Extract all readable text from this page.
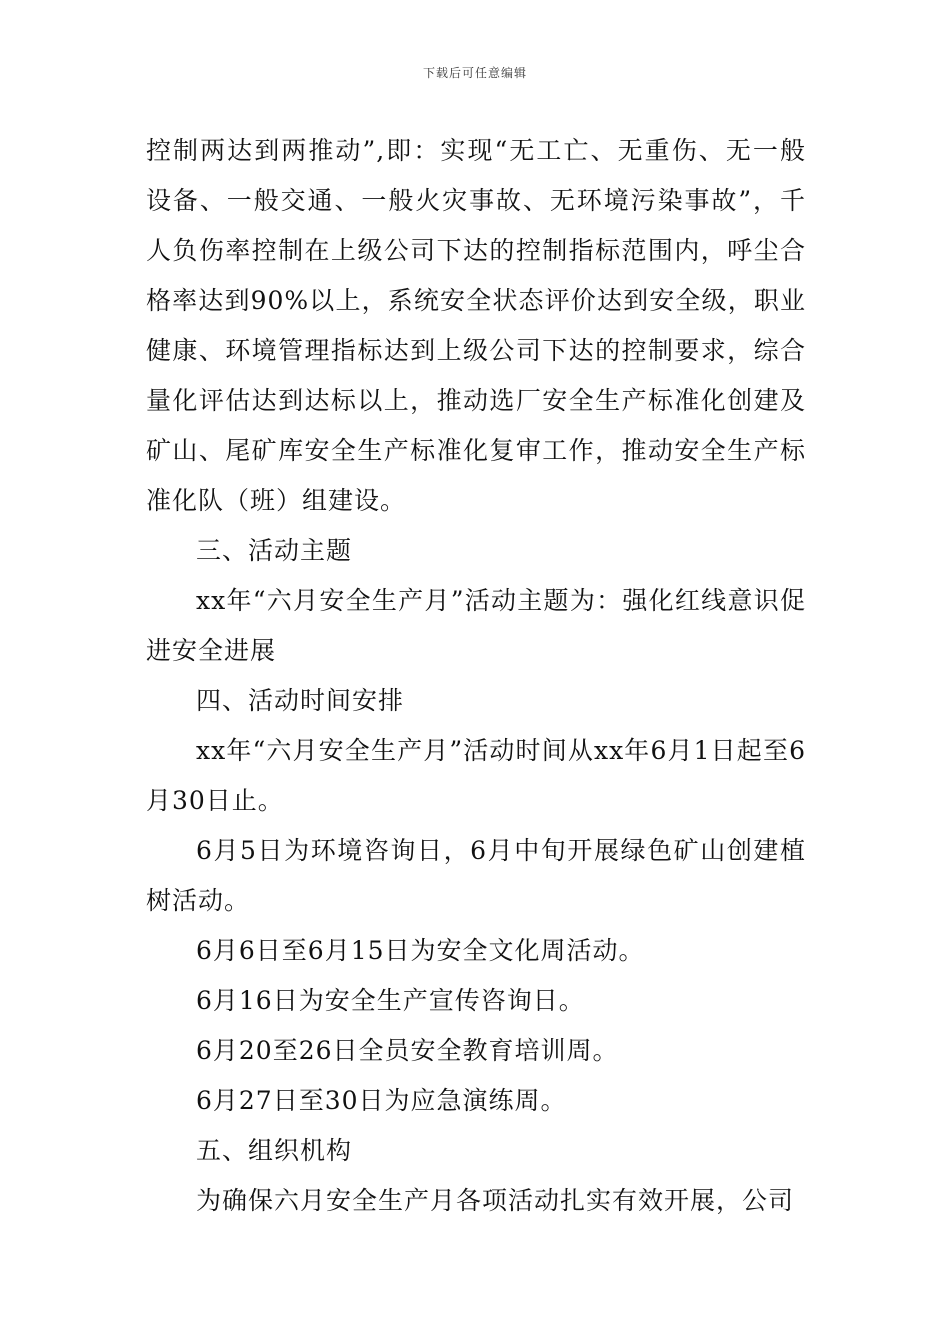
下载后可任意编辑

控制两达到两推动”,即：实现“无工亡、无重伤、无一般设备、一般交通、一般火灾事故、无环境污染事故”，千人负伤率控制在上级公司下达的控制指标范围内，呼尘合格率达到90%以上，系统安全状态评价达到安全级，职业健康、环境管理指标达到上级公司下达的控制要求，综合量化评估达到达标以上，推动选厂安全生产标准化创建及矿山、尾矿库安全生产标准化复审工作，推动安全生产标准化队（班）组建设。

三、活动主题

xx年“六月安全生产月”活动主题为：强化红线意识促进安全进展

四、活动时间安排

xx年“六月安全生产月”活动时间从xx年6月1日起至6月30日止。

6月5日为环境咨询日，6月中旬开展绿色矿山创建植树活动。

6月6日至6月15日为安全文化周活动。

6月16日为安全生产宣传咨询日。

6月20至26日全员安全教育培训周。

6月27日至30日为应急演练周。

五、组织机构

为确保六月安全生产月各项活动扎实有效开展，公司
